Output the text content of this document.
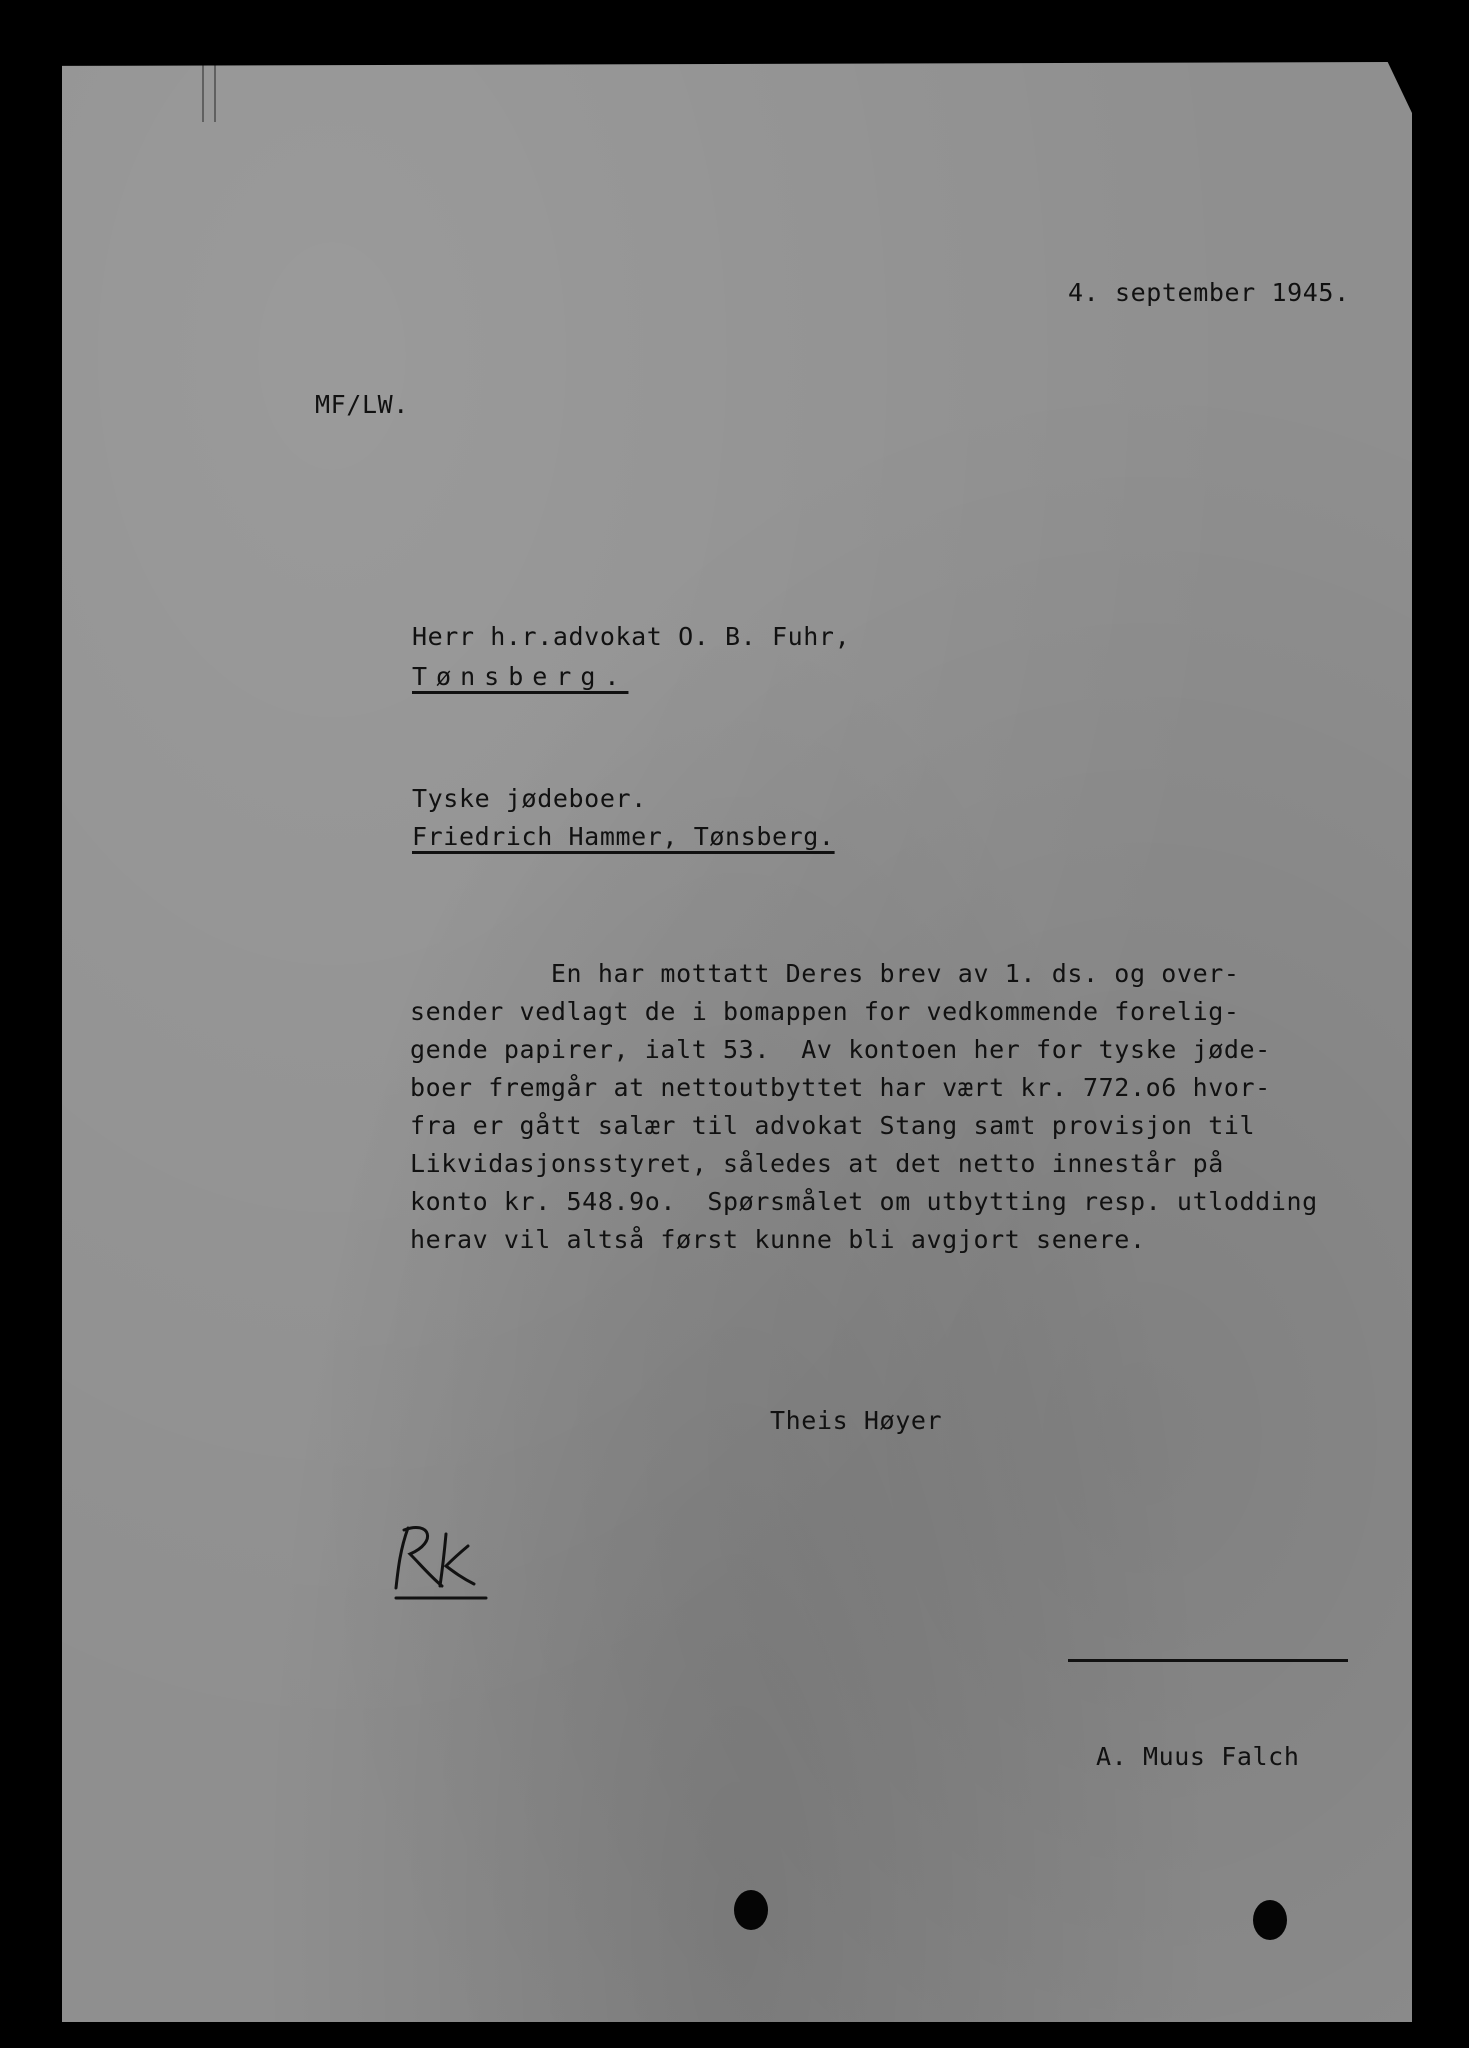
4. september 1945.
MF/LW.
Herr h.r.advokat O. B. Fuhr,
Tønsberg.
Tyske jødeboer.
Friedrich Hammer, Tønsberg.
En har mottatt Deres brev av 1. ds. og over-
sender vedlagt de i bomappen for vedkommende forelig-
gende papirer, ialt 53.  Av kontoen her for tyske jøde-
boer fremgår at nettoutbyttet har vært kr. 772.o6 hvor-
fra er gått salær til advokat Stang samt provisjon til
Likvidasjonsstyret, således at det netto innestår på
konto kr. 548.9o.  Spørsmålet om utbytting resp. utlodding
herav vil altså først kunne bli avgjort senere.
Theis Høyer
A. Muus Falch
